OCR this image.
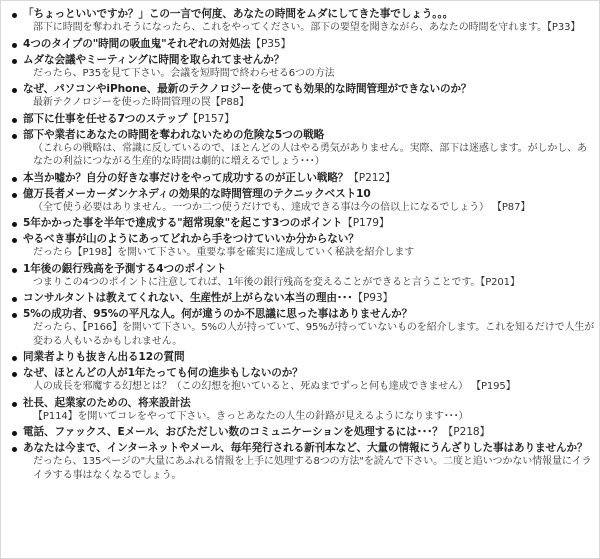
「ちょっといいですか？」この一言で何度、あなたの時間をムダにしてきた事でしょう。。。
部下に時間を奪われそうになったら、これをやってください。部下の要望を聞きながら、あなたの時間を守れます。【P33】
4つのタイプの"時間の吸血鬼"それぞれの対処法【P35】
ムダな会議やミーティングに時間を取られてませんか？
だったら、P35を見て下さい。会議を短時間で終わらせる6つの方法
なぜ、パソコンやiPhone、最新のテクノロジーを使っても効果的な時間管理ができないのか？
最新テクノロジーを使った時間管理の罠【P88】
部下に仕事を任せる7つのステップ【P157】
部下や業者にあなたの時間を奪われないための危険な5つの戦略
（これらの戦略は、常識に反しているので、ほとんどの人はやる勇気がありません。実際、部下は迷惑します。がしかし、あなたの利益につながる生産的な時間は劇的に増えるでしょう･･･）
本当か嘘か？自分の好きな事だけをやって成功するのが正しい戦略？【P212】
億万長者メーカーダンケネディの効果的な時間管理のテクニックベスト10
（全て使う必要はありません。一つか二つ使うだけでも、達成できる事は今の倍以上になるでしょう） 【P87】
5年かかった事を半年で達成する"超常現象"を起こす3つのポイント【P179】
やるべき事が山のようにあってどれから手をつけていいか分からない？
だったら【P198】を開いて下さい。重要な事を確実に達成していく秘訣を紹介します
1年後の銀行残高を予測する4つのポイント
つまりこの4つのポイントに注意してれば、1年後の銀行残高を変えることができると言うことです。【P201】
コンサルタントは教えてくれない、生産性が上がらない本当の理由･･･【P93】
5%の成功者、95%の平凡な人。何が違うのか不思議に思った事はありませんか？
だったら、【P166】を開いて下さい。5%の人が持っていて、95%が持っていないものを紹介します。これを知るだけで人生が変わる人もいるかもしれません。
同業者よりも抜きん出る12の質問
なぜ、ほとんどの人が1年たっても何の進歩もしないのか？
人の成長を邪魔する幻想とは？（この幻想を抱いていると、死ぬまでずっと何も達成できません） 【P195】
社長、起業家のための、将来設計法
【P114】を開いてコレをやって下さい。きっとあなたの人生の針路が見えるようになります･･･）
電話、ファックス、Eメール、おびただしい数のコミュニケーションを処理するには･･･？【P218】
あなたは今まで、インターネットやメール、毎年発行される新刊本など、大量の情報にうんざりした事はありませんか？
だったら、135ページの"大量にあふれる情報を上手に処理する8つの方法"を読んで下さい。二度と追いつかない情報量にイライラする事はなくなるでしょう。
